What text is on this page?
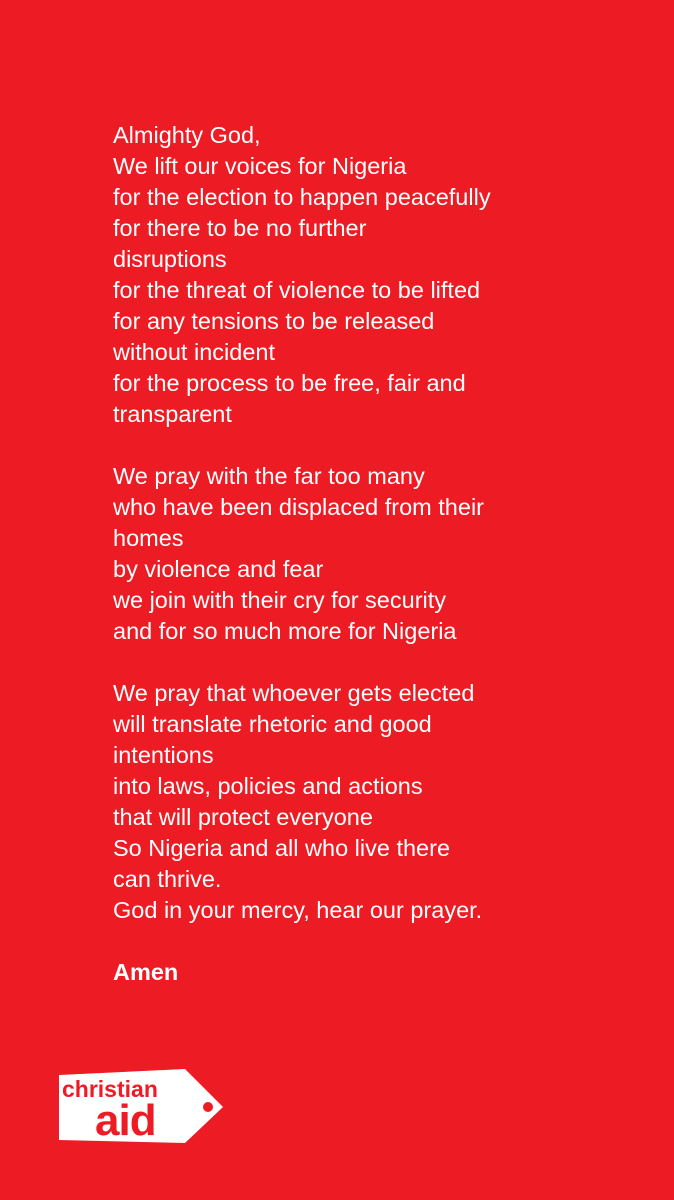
Almighty God,
We lift our voices for Nigeria
for the election to happen peacefully
for there to be no further
disruptions
for the threat of violence to be lifted
for any tensions to be released
without incident
for the process to be free, fair and
transparent
We pray with the far too many
who have been displaced from their
homes
by violence and fear
we join with their cry for security
and for so much more for Nigeria
We pray that whoever gets elected
will translate rhetoric and good
intentions
into laws, policies and actions
that will protect everyone
So Nigeria and all who live there
can thrive.
God in your mercy, hear our prayer.
Amen
christian
aid
